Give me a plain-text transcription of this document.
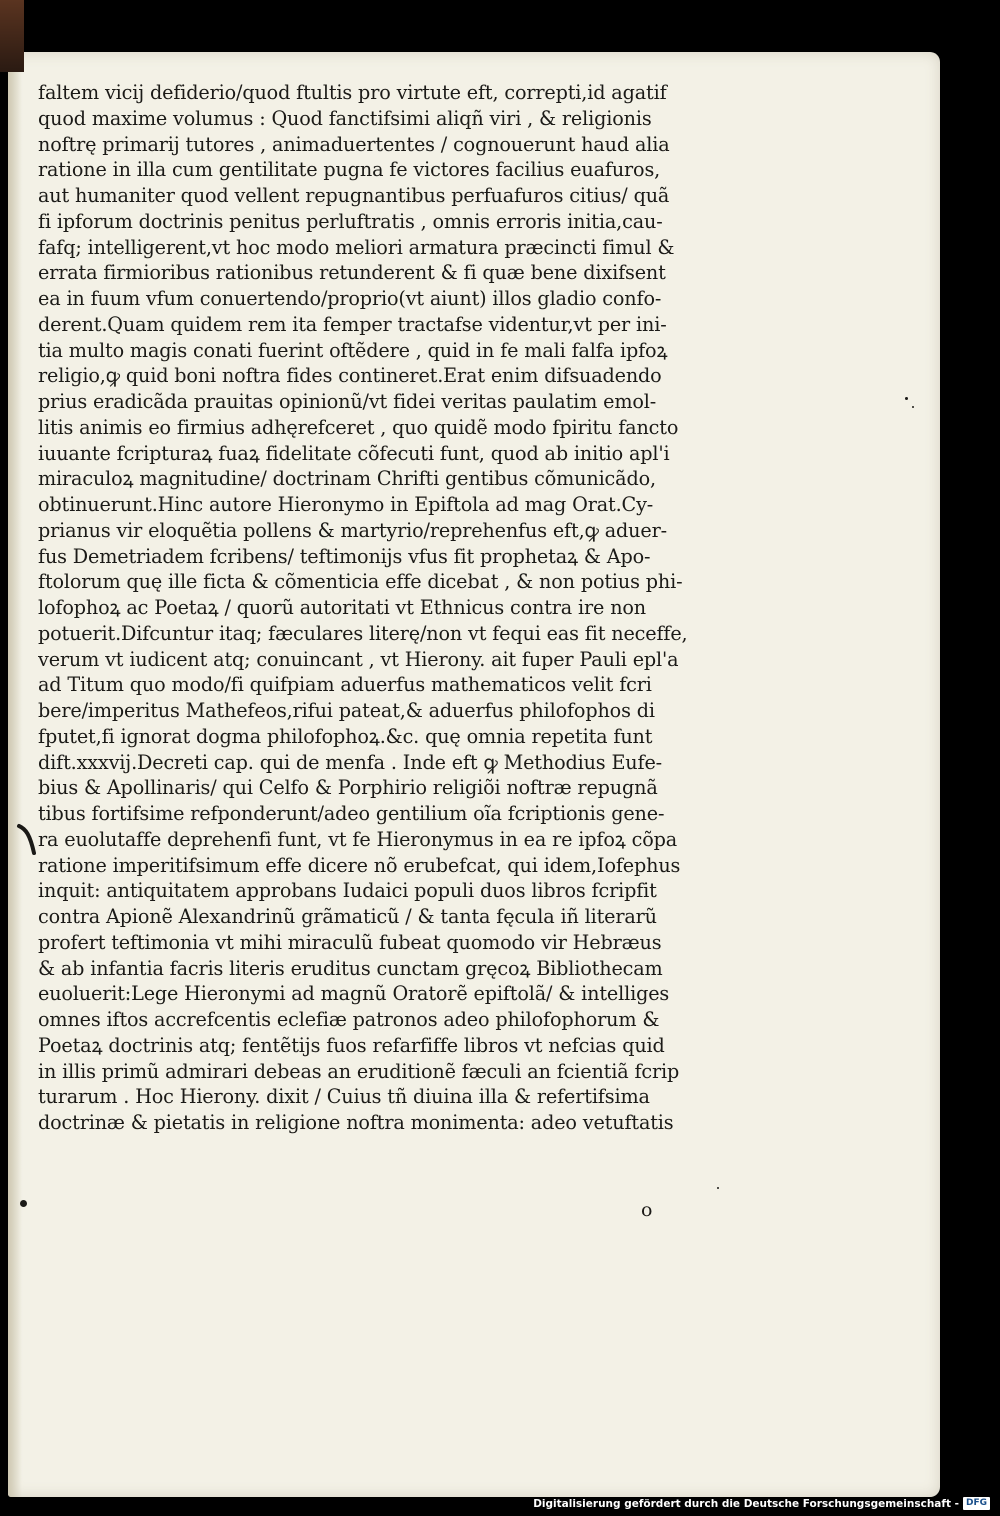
faltem vicij defiderio/quod ftultis pro virtute eft, correpti,id agatif
quod maxime volumus : Quod fanctifsimi aliqñ viri , & religionis
noftrę primarij tutores , animaduertentes / cognouerunt haud alia
ratione in illa cum gentilitate pugna fe victores facilius euafuros,
aut humaniter quod vellent repugnantibus perfuafuros citius/ quã
fi ipforum doctrinis penitus perluftratis , omnis erroris initia,cau-
fafq; intelligerent,vt hoc modo meliori armatura præcincti fimul &
errata firmioribus rationibus retunderent & fi quæ bene dixifsent
ea in fuum vfum conuertendo/proprio(vt aiunt) illos gladio confo-
derent.Quam quidem rem ita femper tractafse videntur,vt per ini-
tia multo magis conati fuerint oftẽdere , quid in fe mali falfa ipfoꝝ
religio,ꝙ quid boni noftra fides contineret.Erat enim difsuadendo
prius eradicãda prauitas opinionũ/vt fidei veritas paulatim emol-
litis animis eo firmius adhęrefceret , quo quidẽ modo fpiritu fancto
iuuante fcripturaꝝ fuaꝝ fidelitate cõfecuti funt, quod ab initio apl'i
miraculoꝝ magnitudine/ doctrinam Chrifti gentibus cõmunicãdo,
obtinuerunt.Hinc autore Hieronymo in Epiftola ad mag Orat.Cy-
prianus vir eloquẽtia pollens & martyrio/reprehenfus eft,ꝙ aduer-
fus Demetriadem fcribens/ teftimonijs vfus fit prophetaꝝ & Apo-
ftolorum quę ille ficta & cõmenticia effe dicebat , & non potius phi-
lofophoꝝ ac Poetaꝝ / quorũ autoritati vt Ethnicus contra ire non
potuerit.Difcuntur itaq; fæculares literę/non vt fequi eas fit neceffe,
verum vt iudicent atq; conuincant , vt Hierony. ait fuper Pauli epl'a
ad Titum quo modo/fi quifpiam aduerfus mathematicos velit fcri
bere/imperitus Mathefeos,rifui pateat,& aduerfus philofophos di
fputet,fi ignorat dogma philofophoꝝ.&c. quę omnia repetita funt
dift.xxxvij.Decreti cap. qui de menfa . Inde eft ꝙ Methodius Eufe-
bius & Apollinaris/ qui Celfo & Porphirio religiõi noftræ repugnã
tibus fortifsime refponderunt/adeo gentilium oĩa fcriptionis gene-
ra euolutaffe deprehenfi funt, vt fe Hieronymus in ea re ipfoꝝ cõpa
ratione imperitifsimum effe dicere nõ erubefcat, qui idem,Iofephus
inquit: antiquitatem approbans Iudaici populi duos libros fcripfit
contra Apionẽ Alexandrinũ grãmaticũ / & tanta fęcula iñ literarũ
profert teftimonia vt mihi miraculũ fubeat quomodo vir Hebræus
& ab infantia facris literis eruditus cunctam gręcoꝝ Bibliothecam
euoluerit:Lege Hieronymi ad magnũ Oratorẽ epiftolã/ & intelliges
omnes iftos accrefcentis eclefiæ patronos adeo philofophorum &
Poetaꝝ doctrinis atq; fentẽtijs fuos refarfiffe libros vt nefcias quid
in illis primũ admirari debeas an eruditionẽ fæculi an fcientiã fcrip
turarum . Hoc Hierony. dixit / Cuius tñ diuina illa & refertifsima
doctrinæ & pietatis in religione noftra monimenta: adeo vetuftatis
o
Digitalisierung gefördert durch die Deutsche Forschungsgemeinschaft - DFG
